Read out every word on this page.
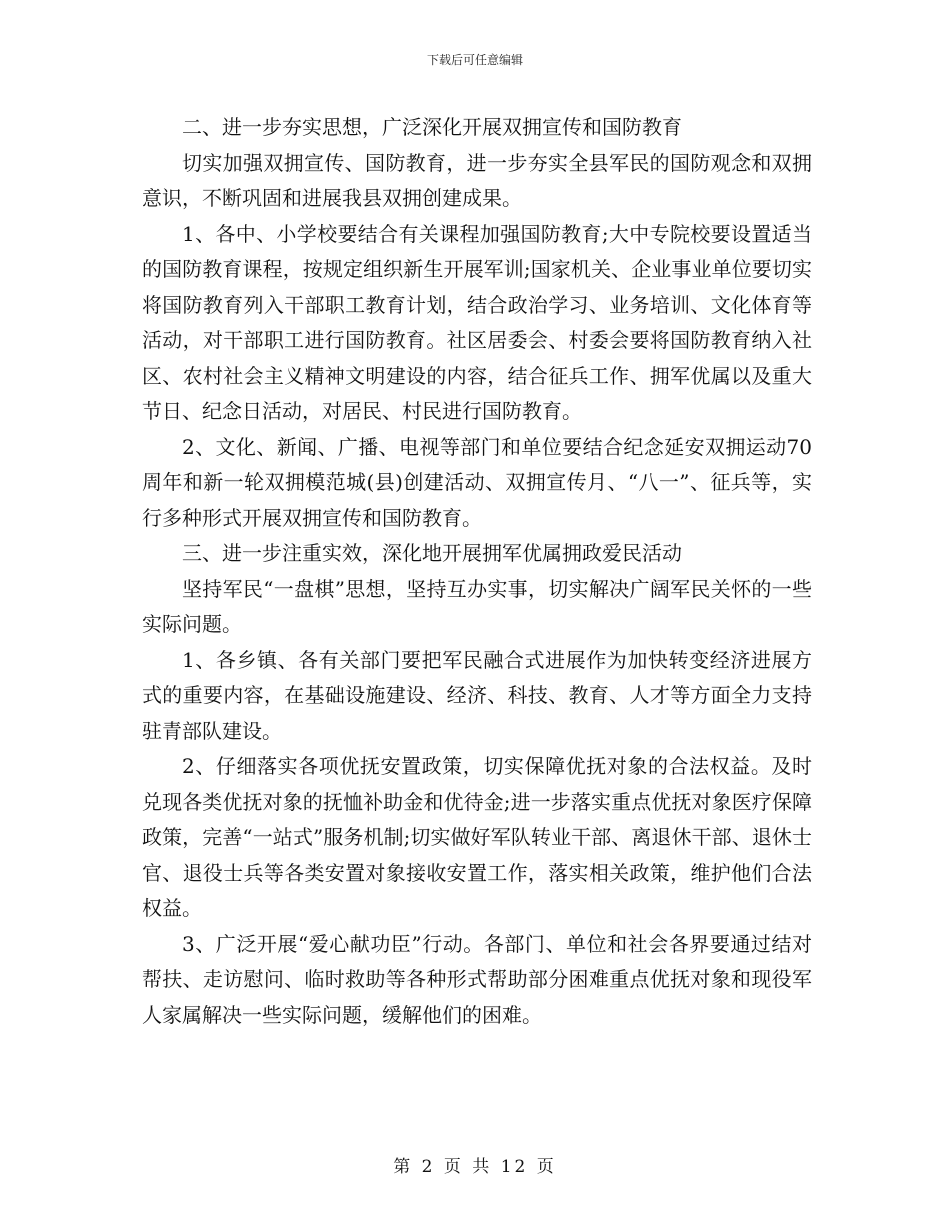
下载后可任意编辑

二、进一步夯实思想，广泛深化开展双拥宣传和国防教育

切实加强双拥宣传、国防教育，进一步夯实全县军民的国防观念和双拥意识，不断巩固和进展我县双拥创建成果。

1、各中、小学校要结合有关课程加强国防教育;大中专院校要设置适当的国防教育课程，按规定组织新生开展军训;国家机关、企业事业单位要切实将国防教育列入干部职工教育计划，结合政治学习、业务培训、文化体育等活动，对干部职工进行国防教育。社区居委会、村委会要将国防教育纳入社区、农村社会主义精神文明建设的内容，结合征兵工作、拥军优属以及重大节日、纪念日活动，对居民、村民进行国防教育。

2、文化、新闻、广播、电视等部门和单位要结合纪念延安双拥运动70周年和新一轮双拥模范城(县)创建活动、双拥宣传月、“八一”、征兵等，实行多种形式开展双拥宣传和国防教育。

三、进一步注重实效，深化地开展拥军优属拥政爱民活动

坚持军民“一盘棋”思想，坚持互办实事，切实解决广阔军民关怀的一些实际问题。

1、各乡镇、各有关部门要把军民融合式进展作为加快转变经济进展方式的重要内容，在基础设施建设、经济、科技、教育、人才等方面全力支持驻青部队建设。

2、仔细落实各项优抚安置政策，切实保障优抚对象的合法权益。及时兑现各类优抚对象的抚恤补助金和优待金;进一步落实重点优抚对象医疗保障政策，完善“一站式”服务机制;切实做好军队转业干部、离退休干部、退休士官、退役士兵等各类安置对象接收安置工作，落实相关政策，维护他们合法权益。

3、广泛开展“爱心献功臣”行动。各部门、单位和社会各界要通过结对帮扶、走访慰问、临时救助等各种形式帮助部分困难重点优抚对象和现役军人家属解决一些实际问题，缓解他们的困难。

第 2 页 共 12 页
